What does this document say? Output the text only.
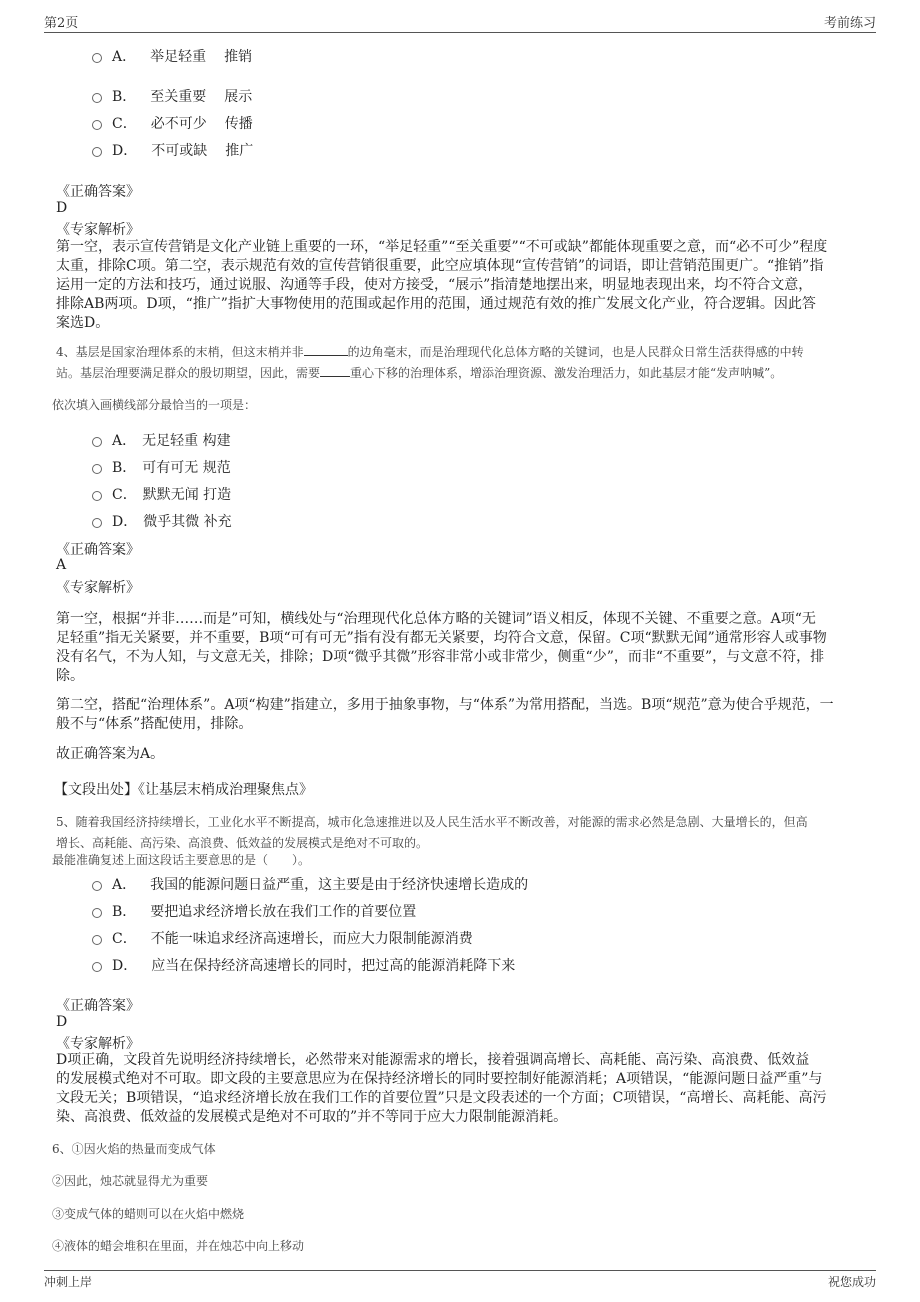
第2页	考前练习
A． 举足轻重 推销
B． 至关重要 展示
C． 必不可少 传播
D． 不可或缺 推广
《正确答案》
D
《专家解析》
第一空，表示宣传营销是文化产业链上重要的一环，“举足轻重”“至关重要”“不可或缺”都能体现重要之意，而“必不可少”程度
太重，排除C项。第二空，表示规范有效的宣传营销很重要，此空应填体现“宣传营销”的词语，即让营销范围更广。“推销”指
运用一定的方法和技巧，通过说服、沟通等手段，使对方接受，“展示”指清楚地摆出来，明显地表现出来，均不符合文意，
排除AB两项。D项，“推广”指扩大事物使用的范围或起作用的范围，通过规范有效的推广发展文化产业，符合逻辑。因此答
案选D。
4、基层是国家治理体系的末梢，但这末梢并非	的边角毫末，而是治理现代化总体方略的关键词，也是人民群众日常生活获得感的中转
站。基层治理要满足群众的殷切期望，因此，需要	重心下移的治理体系，增添治理资源、激发治理活力，如此基层才能“发声呐喊”。
依次填入画横线部分最恰当的一项是：
A． 无足轻重 构建
B． 可有可无 规范
C． 默默无闻 打造
D． 微乎其微 补充
《正确答案》
A
《专家解析》
第一空，根据“并非……而是”可知，横线处与“治理现代化总体方略的关键词”语义相反，体现不关键、不重要之意。A项“无
足轻重”指无关紧要，并不重要，B项“可有可无”指有没有都无关紧要，均符合文意，保留。C项“默默无闻”通常形容人或事物
没有名气，不为人知，与文意无关，排除；D项“微乎其微”形容非常小或非常少，侧重“少”，而非“不重要”，与文意不符，排
除。
第二空，搭配“治理体系”。A项“构建”指建立，多用于抽象事物，与“体系”为常用搭配，当选。B项“规范”意为使合乎规范，一
般不与“体系”搭配使用，排除。
故正确答案为A。
【文段出处】《让基层末梢成治理聚焦点》
5、随着我国经济持续增长，工业化水平不断提高，城市化急速推进以及人民生活水平不断改善，对能源的需求必然是急剧、大量增长的，但高
增长、高耗能、高污染、高浪费、低效益的发展模式是绝对不可取的。
最能准确复述上面这段话主要意思的是（　　）。
A． 我国的能源问题日益严重，这主要是由于经济快速增长造成的
B． 要把追求经济增长放在我们工作的首要位置
C． 不能一味追求经济高速增长，而应大力限制能源消费
D． 应当在保持经济高速增长的同时，把过高的能源消耗降下来
《正确答案》
D
《专家解析》
D项正确，文段首先说明经济持续增长，必然带来对能源需求的增长，接着强调高增长、高耗能、高污染、高浪费、低效益
的发展模式绝对不可取。即文段的主要意思应为在保持经济增长的同时要控制好能源消耗；A项错误，“能源问题日益严重”与
文段无关；B项错误，“追求经济增长放在我们工作的首要位置”只是文段表述的一个方面；C项错误，“高增长、高耗能、高污
染、高浪费、低效益的发展模式是绝对不可取的”并不等同于应大力限制能源消耗。
6、①因火焰的热量而变成气体
②因此，烛芯就显得尤为重要
③变成气体的蜡则可以在火焰中燃烧
④液体的蜡会堆积在里面，并在烛芯中向上移动
冲刺上岸	祝您成功
